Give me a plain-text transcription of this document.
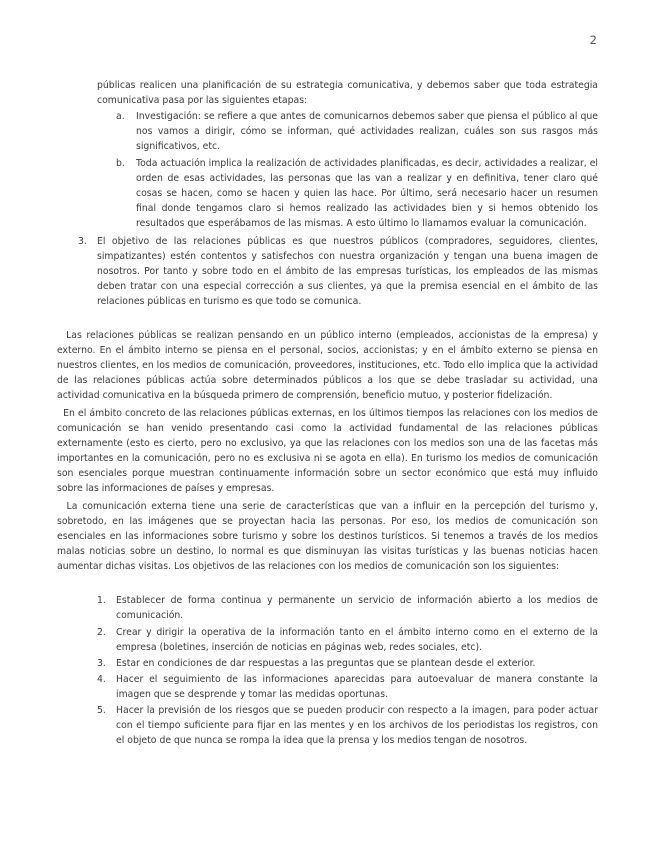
2

públicas realicen una planificación de su estrategia comunicativa, y debemos saber que toda estrategia comunicativa pasa por las siguientes etapas:

a. Investigación: se refiere a que antes de comunicarnos debemos saber que piensa el público al que nos vamos a dirigir, cómo se informan, qué actividades realizan, cuáles son sus rasgos más significativos, etc.
b. Toda actuación implica la realización de actividades planificadas, es decir, actividades a realizar, el orden de esas actividades, las personas que las van a realizar y en definitiva, tener claro qué cosas se hacen, como se hacen y quien las hace. Por último, será necesario hacer un resumen final donde tengamos claro si hemos realizado las actividades bien y si hemos obtenido los resultados que esperábamos de las mismas. A esto último lo llamamos evaluar la comunicación.
3. El objetivo de las relaciones públicas es que nuestros públicos (compradores, seguidores, clientes, simpatizantes) estén contentos y satisfechos con nuestra organización y tengan una buena imagen de nosotros. Por tanto y sobre todo en el ámbito de las empresas turísticas, los empleados de las mismas deben tratar con una especial corrección a sus clientes, ya que la premisa esencial en el ámbito de las relaciones públicas en turismo es que todo se comunica.

Las relaciones públicas se realizan pensando en un público interno (empleados, accionistas de la empresa) y externo. En el ámbito interno se piensa en el personal, socios, accionistas; y en el ámbito externo se piensa en nuestros clientes, en los medios de comunicación, proveedores, instituciones, etc. Todo ello implica que la actividad de las relaciones públicas actúa sobre determinados públicos a los que se debe trasladar su actividad, una actividad comunicativa en la búsqueda primero de comprensión, beneficio mutuo, y posterior fidelización.

En el ámbito concreto de las relaciones públicas externas, en los últimos tiempos las relaciones con los medios de comunicación se han venido presentando casi como la actividad fundamental de las relaciones públicas externamente (esto es cierto, pero no exclusivo, ya que las relaciones con los medios son una de las facetas más importantes en la comunicación, pero no es exclusiva ni se agota en ella). En turismo los medios de comunicación son esenciales porque muestran continuamente información sobre un sector económico que está muy influido sobre las informaciones de países y empresas.

La comunicación externa tiene una serie de características que van a influir en la percepción del turismo y, sobretodo, en las imágenes que se proyectan hacia las personas. Por eso, los medios de comunicación son esenciales en las informaciones sobre turismo y sobre los destinos turísticos. Si tenemos a través de los medios malas noticias sobre un destino, lo normal es que disminuyan las visitas turísticas y las buenas noticias hacen aumentar dichas visitas. Los objetivos de las relaciones con los medios de comunicación son los siguientes:

1. Establecer de forma continua y permanente un servicio de información abierto a los medios de comunicación.
2. Crear y dirigir la operativa de la información tanto en el ámbito interno como en el externo de la empresa (boletines, inserción de noticias en páginas web, redes sociales, etc).
3. Estar en condiciones de dar respuestas a las preguntas que se plantean desde el exterior.
4. Hacer el seguimiento de las informaciones aparecidas para autoevaluar de manera constante la imagen que se desprende y tomar las medidas oportunas.
5. Hacer la previsión de los riesgos que se pueden producir con respecto a la imagen, para poder actuar con el tiempo suficiente para fijar en las mentes y en los archivos de los periodistas los registros, con el objeto de que nunca se rompa la idea que la prensa y los medios tengan de nosotros.
